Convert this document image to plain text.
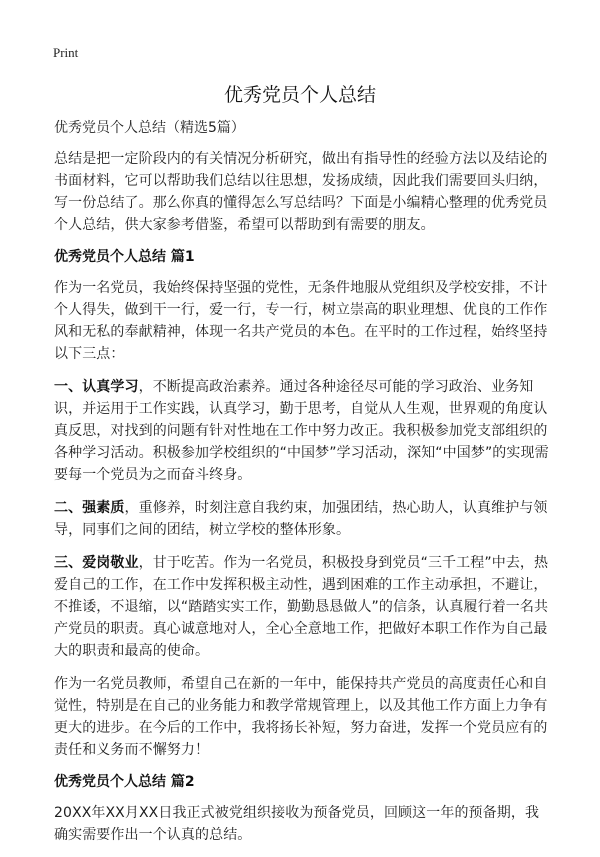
Print
优秀党员个人总结
优秀党员个人总结（精选5篇）

总结是把一定阶段内的有关情况分析研究，做出有指导性的经验方法以及结论的书面材料，它可以帮助我们总结以往思想，发扬成绩，因此我们需要回头归纳，写一份总结了。那么你真的懂得怎么写总结吗？下面是小编精心整理的优秀党员个人总结，供大家参考借鉴，希望可以帮助到有需要的朋友。

优秀党员个人总结 篇1

作为一名党员，我始终保持坚强的党性，无条件地服从党组织及学校安排，不计个人得失，做到干一行，爱一行，专一行，树立崇高的职业理想、优良的工作作风和无私的奉献精神，体现一名共产党员的本色。在平时的工作过程，始终坚持以下三点：

一、认真学习，不断提高政治素养。通过各种途径尽可能的学习政治、业务知识，并运用于工作实践，认真学习，勤于思考，自觉从人生观，世界观的角度认真反思，对找到的问题有针对性地在工作中努力改正。我积极参加党支部组织的各种学习活动。积极参加学校组织的“中国梦”学习活动，深知“中国梦”的实现需要每一个党员为之而奋斗终身。

二、强素质，重修养，时刻注意自我约束，加强团结，热心助人，认真维护与领导，同事们之间的团结，树立学校的整体形象。

三、爱岗敬业，甘于吃苦。作为一名党员，积极投身到党员“三千工程”中去，热爱自己的工作，在工作中发挥积极主动性，遇到困难的工作主动承担，不避让，不推诿，不退缩，以“踏踏实实工作，勤勤恳恳做人”的信条，认真履行着一名共产党员的职责。真心诚意地对人，全心全意地工作，把做好本职工作作为自己最大的职责和最高的使命。

作为一名党员教师，希望自己在新的一年中，能保持共产党员的高度责任心和自觉性，特别是在自己的业务能力和教学常规管理上，以及其他工作方面上力争有更大的进步。在今后的工作中，我将扬长补短，努力奋进，发挥一个党员应有的责任和义务而不懈努力！

优秀党员个人总结 篇2

20XX年XX月XX日我正式被党组织接收为预备党员，回顾这一年的预备期，我确实需要作出一个认真的总结。
